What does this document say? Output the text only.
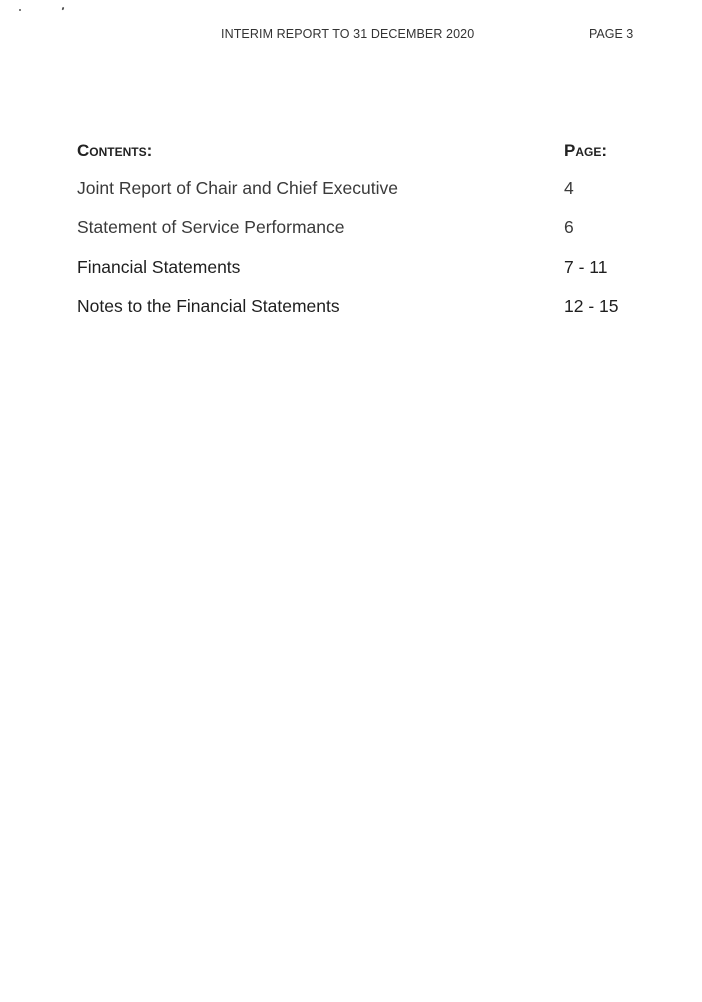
INTERIM REPORT TO 31 DECEMBER 2020	PAGE 3
Contents:	Page:
Joint Report of Chair and Chief Executive	4
Statement of Service Performance	6
Financial Statements	7 - 11
Notes to the Financial Statements	12 - 15
